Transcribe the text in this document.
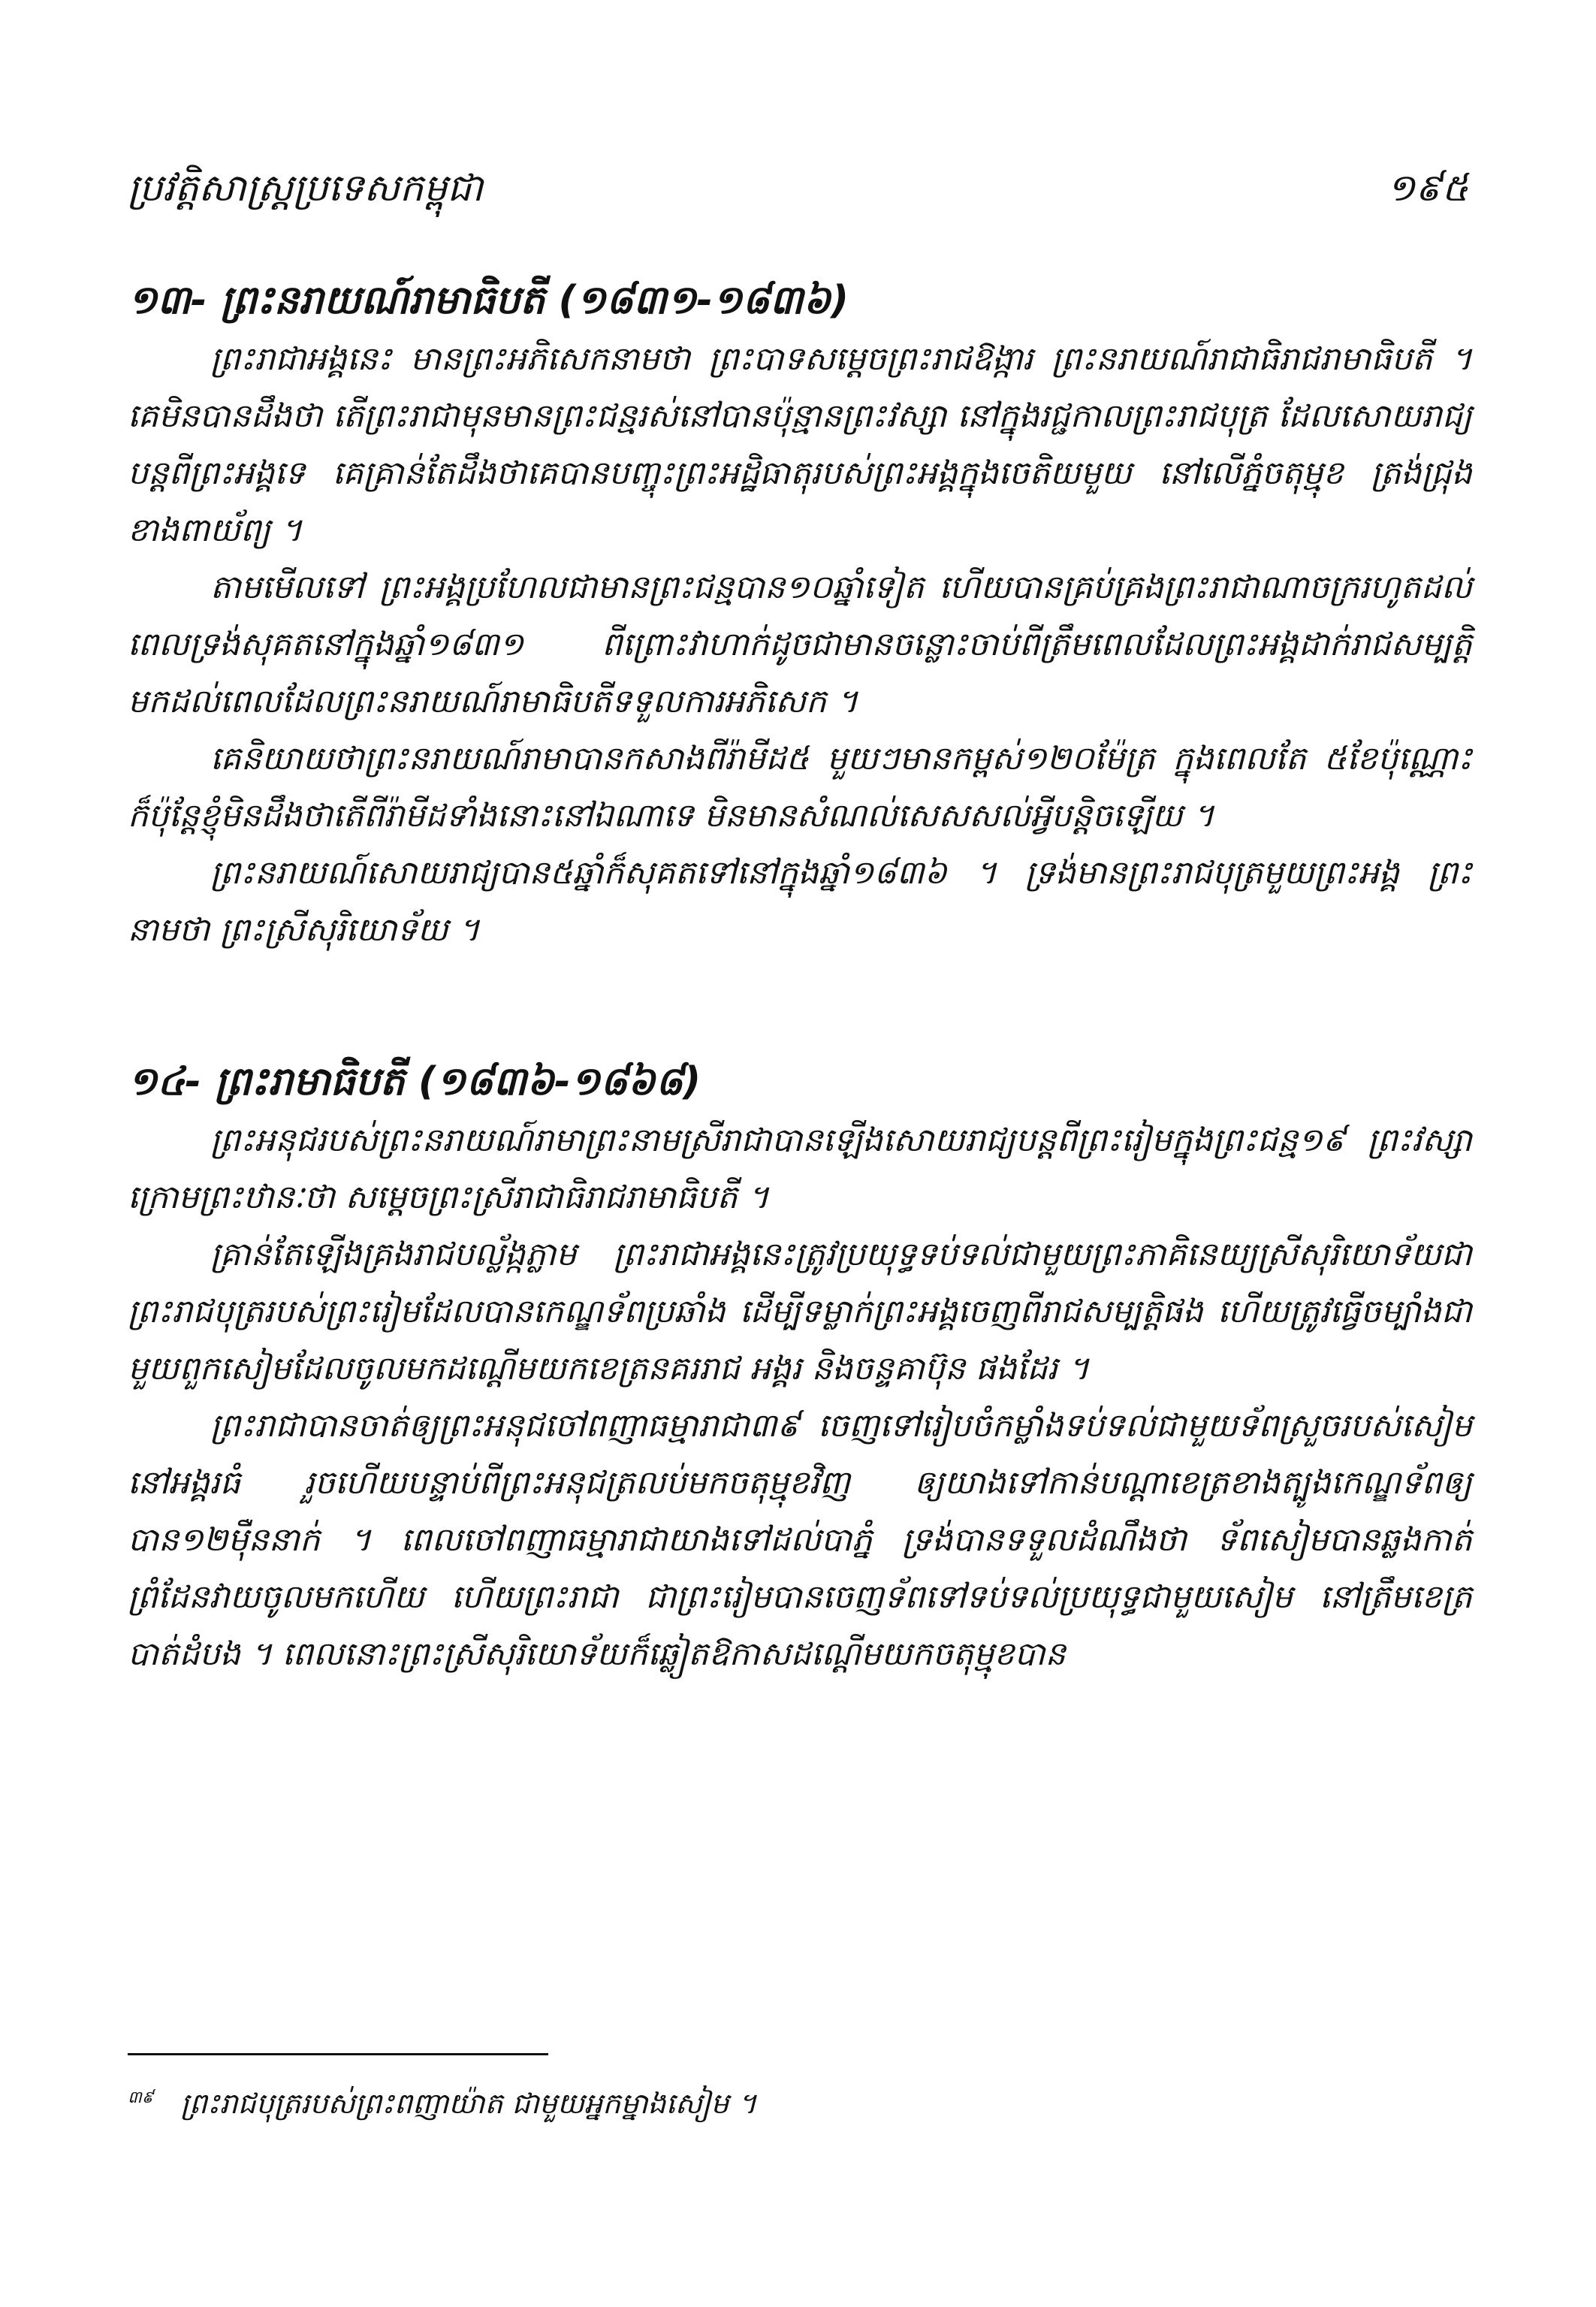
ប្រវត្តិសាស្ត្រប្រទេសកម្ពុជា	១៩៥
១៣- ព្រះនរាយណ៍រាមាធិបតី (១៨៣១-១៨៣៦)

ព្រះរាជាអង្គនេះ មានព្រះអភិសេកនាមថា ព្រះបាទសម្តេចព្រះរាជឱង្ការ ព្រះនរាយណ៍រាជាធិរាជរាមាធិបតី ។ គេមិនបានដឹងថា តើព្រះរាជាមុនមានព្រះជន្មរស់នៅបានប៉ុន្មានព្រះវស្សា នៅក្នុងរជ្ជកាលព្រះរាជបុត្រ ដែលសោយរាជ្យបន្តពីព្រះអង្គទេ គេគ្រាន់តែដឹងថាគេបានបញ្ចុះព្រះអដ្ឋិធាតុរបស់ព្រះអង្គក្នុងចេតិយមួយ នៅលើភ្នំចតុម្មុខ ត្រង់ជ្រុងខាងពាយ័ព្យ ។

តាមមើលទៅ ព្រះអង្គប្រហែលជាមានព្រះជន្មបាន១០ឆ្នាំទៀត ហើយបានគ្រប់គ្រងព្រះរាជាណាចក្ររហូតដល់ពេលទ្រង់សុគតនៅក្នុងឆ្នាំ១៨៣១ ពីព្រោះវាហាក់ដូចជាមានចន្លោះចាប់ពីត្រឹមពេលដែលព្រះអង្គដាក់រាជសម្បត្តិ មកដល់ពេលដែលព្រះនរាយណ៍រាមាធិបតីទទួលការអភិសេក ។

គេនិយាយថាព្រះនរាយណ៍រាមាបានកសាងពីរ៉ាមីដ៥ មួយៗមានកម្ពស់១២០ម៉ែត្រ ក្នុងពេលតែ ៥ខែប៉ុណ្ណោះ ក៏ប៉ុន្តែខ្ញុំមិនដឹងថាតើពីរ៉ាមីដទាំងនោះនៅឯណាទេ មិនមានសំណល់សេសសល់អ្វីបន្តិចឡើយ ។

ព្រះនរាយណ៍សោយរាជ្យបាន៥ឆ្នាំក៏សុគតទៅនៅក្នុងឆ្នាំ១៨៣៦ ។ ទ្រង់មានព្រះរាជបុត្រមួយព្រះអង្គ ព្រះនាមថា ព្រះស្រីសុរិយោទ័យ ។

១៤- ព្រះរាមាធិបតី (១៨៣៦-១៨៦៨)

ព្រះអនុជរបស់ព្រះនរាយណ៍រាមាព្រះនាមស្រីរាជាបានឡើងសោយរាជ្យបន្តពីព្រះរៀមក្នុងព្រះជន្ម១៩ ព្រះវស្សា ក្រោមព្រះឋានៈថា សម្តេចព្រះស្រីរាជាធិរាជរាមាធិបតី ។

គ្រាន់តែឡើងគ្រងរាជបល្ល័ង្កភ្លាម ព្រះរាជាអង្គនេះត្រូវប្រយុទ្ធទប់ទល់ជាមួយព្រះភាគិនេយ្យស្រីសុរិយោទ័យជាព្រះរាជបុត្ររបស់ព្រះរៀមដែលបានកេណ្ឌទ័ពប្រឆាំង ដើម្បីទម្លាក់ព្រះអង្គចេញពីរាជសម្បត្តិផង ហើយត្រូវធ្វើចម្បាំងជាមួយពួកសៀមដែលចូលមកដណ្តើមយកខេត្រនគររាជ អង្គរ និងចន្ទគាប៊ុន ផងដែរ ។

ព្រះរាជាបានចាត់ឲ្យព្រះអនុជចៅពញាធម្មារាជា៣៩ ចេញទៅរៀបចំកម្លាំងទប់ទល់ជាមួយទ័ពស្រួចរបស់សៀម នៅអង្គរធំ រួចហើយបន្ទាប់ពីព្រះអនុជត្រលប់មកចតុម្មុខវិញ ឲ្យយាងទៅកាន់បណ្តាខេត្រខាងត្បូងកេណ្ឌទ័ពឲ្យបាន១២ម៉ឺននាក់ ។ ពេលចៅពញាធម្មារាជាយាងទៅដល់បាភ្នំ ទ្រង់បានទទួលដំណឹងថា ទ័ពសៀមបានឆ្លងកាត់ព្រំដែនវាយចូលមកហើយ ហើយព្រះរាជា ជាព្រះរៀមបានចេញទ័ពទៅទប់ទល់ប្រយុទ្ធជាមួយសៀម នៅត្រឹមខេត្របាត់ដំបង ។ ពេលនោះព្រះស្រីសុរិយោទ័យក៏ឆ្លៀតឱកាសដណ្តើមយកចតុម្មុខបាន

$^{៣៩}$ ព្រះរាជបុត្ររបស់ព្រះពញាយ៉ាត ជាមួយអ្នកម្នាងសៀម ។
